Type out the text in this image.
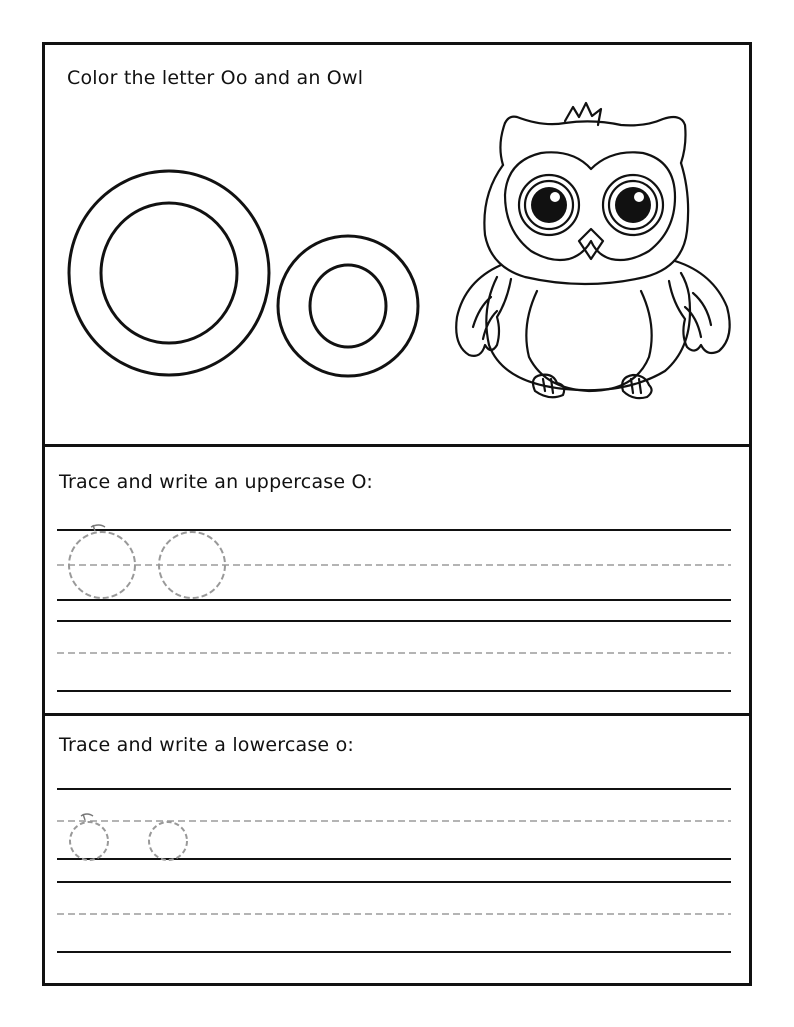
Color the letter Oo and an Owl
Trace and write an uppercase O:
Trace and write a lowercase o:
